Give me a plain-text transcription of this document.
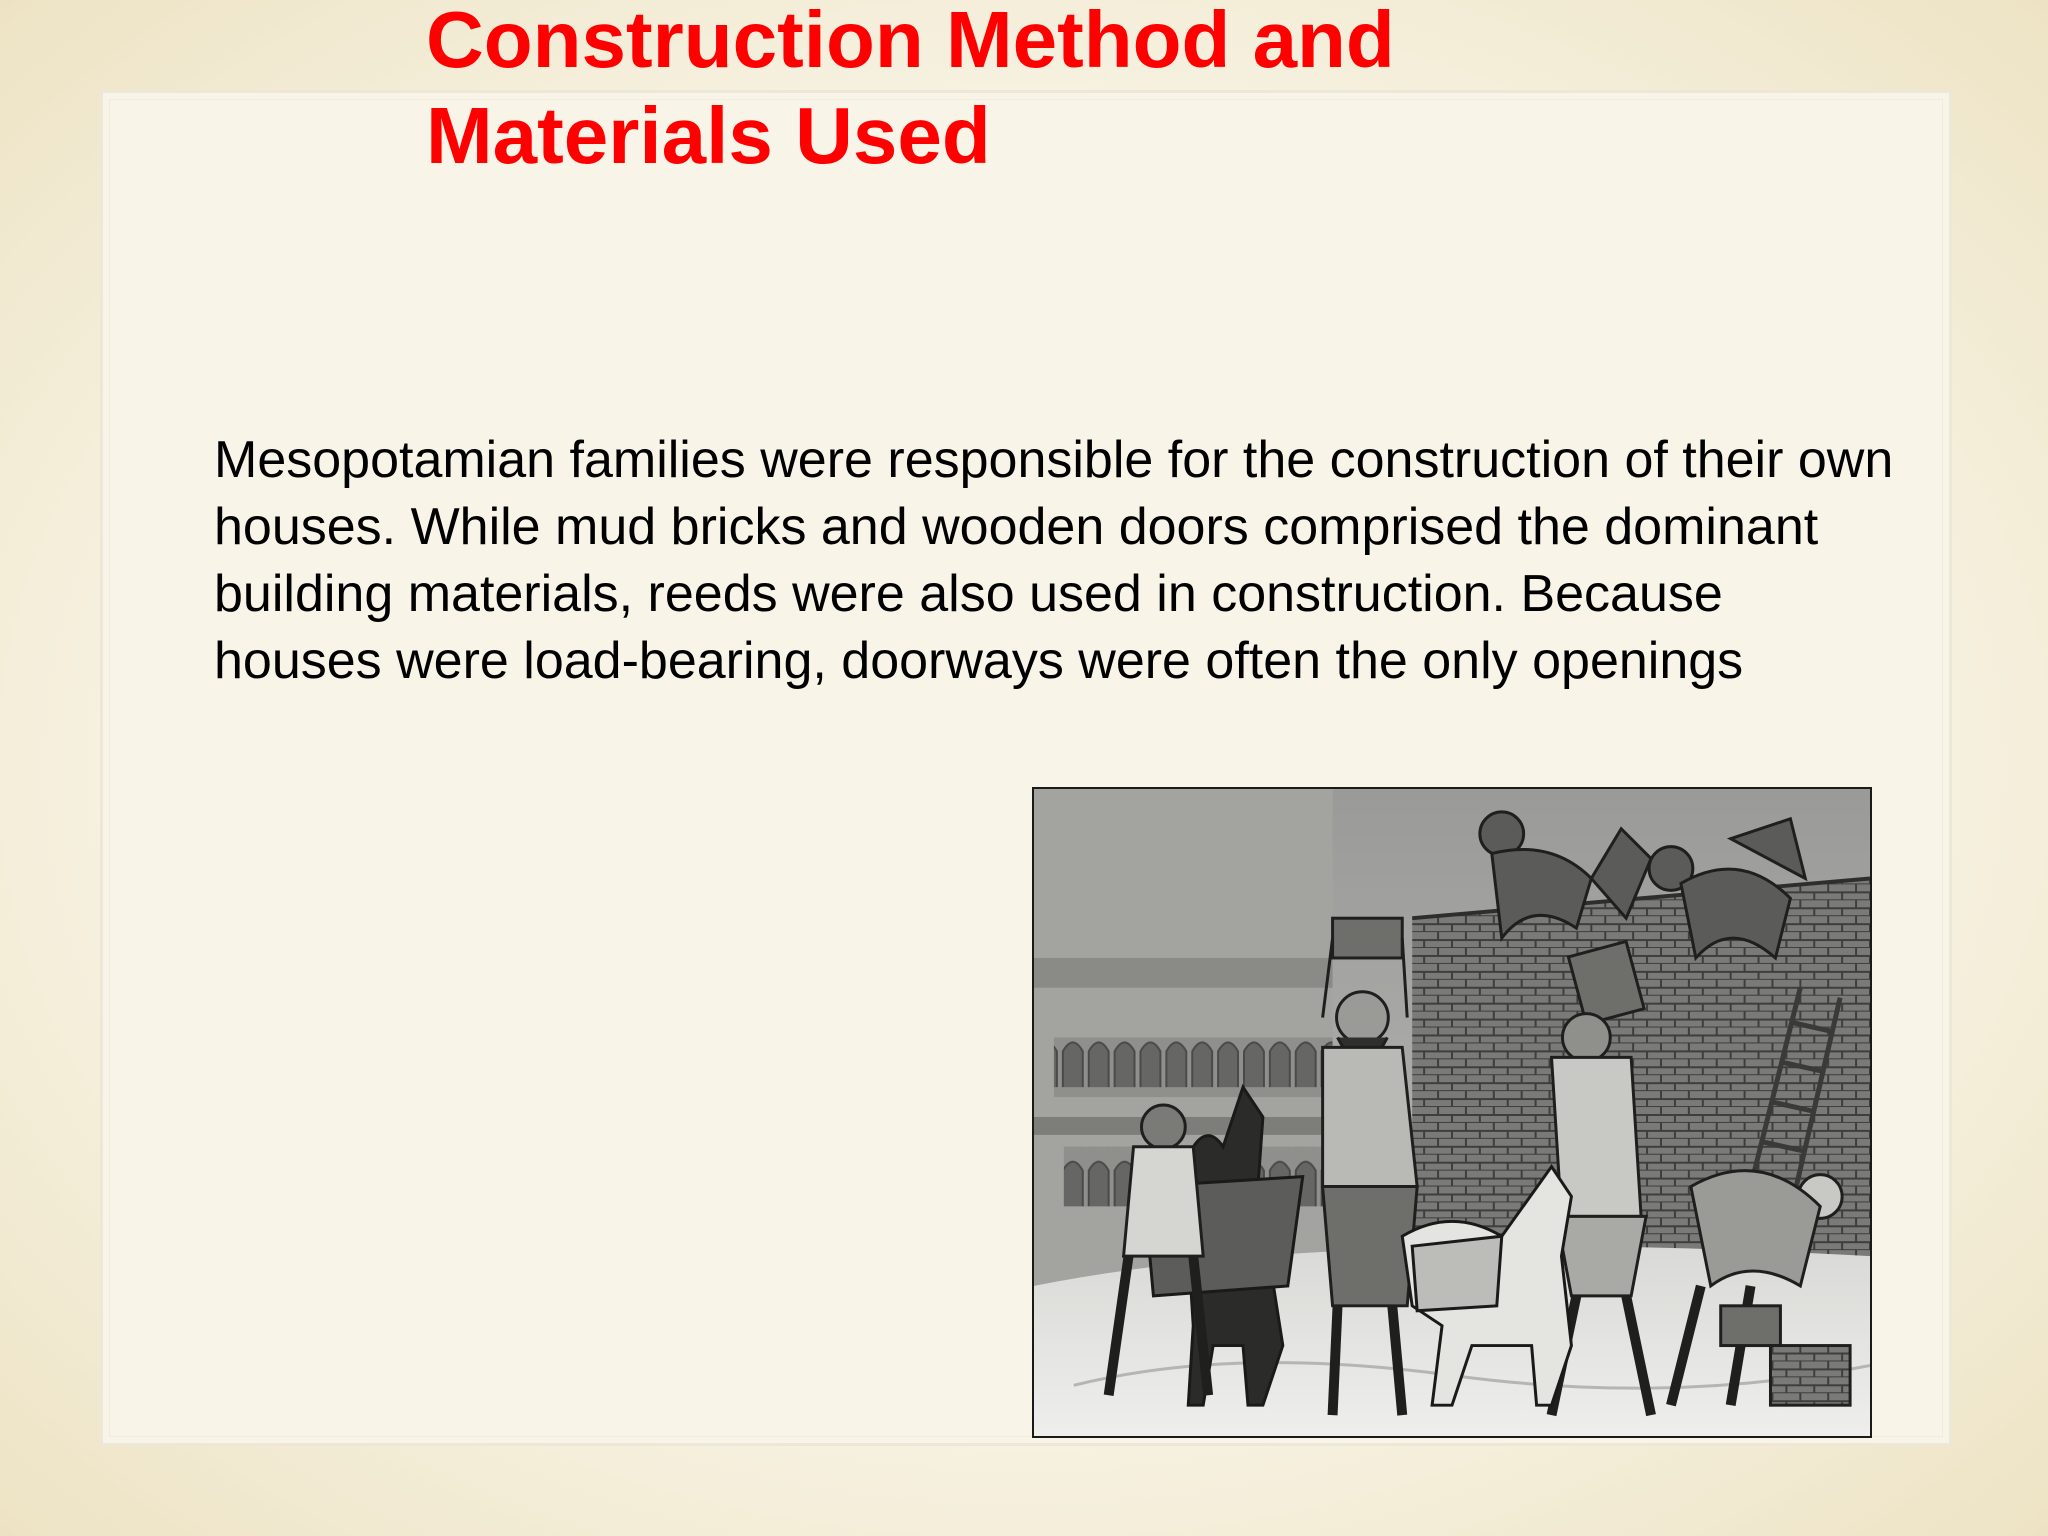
Construction Method and
Materials Used

Mesopotamian families were responsible for the construction of their own houses. While mud bricks and wooden doors comprised the dominant building materials, reeds were also used in construction. Because houses were load-bearing, doorways were often the only openings
